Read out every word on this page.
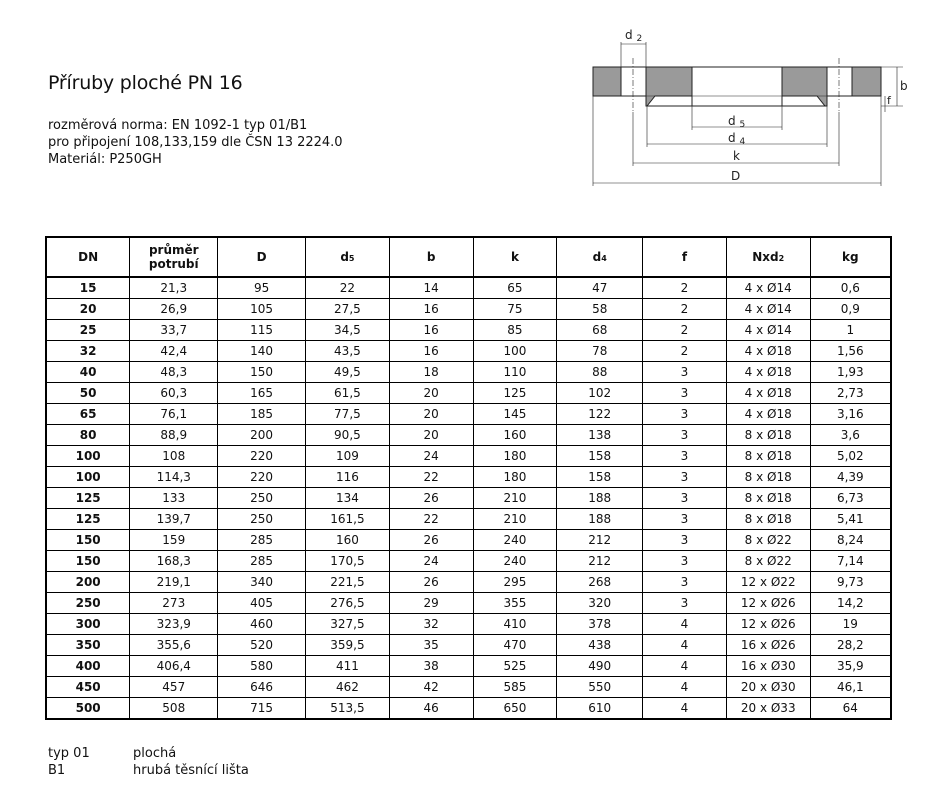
Příruby ploché PN 16
rozměrová norma: EN 1092-1 typ 01/B1
pro připojení 108,133,159 dle ČSN 13 2224.0
Materiál: P250GH
d 2
d 5
d 4
k
D
b
f
DN	průměr potrubí	D	d5	b	k	d4	f	Nxd2	kg
15	21,3	95	22	14	65	47	2	4 x Ø14	0,6
20	26,9	105	27,5	16	75	58	2	4 x Ø14	0,9
25	33,7	115	34,5	16	85	68	2	4 x Ø14	1
32	42,4	140	43,5	16	100	78	2	4 x Ø18	1,56
40	48,3	150	49,5	18	110	88	3	4 x Ø18	1,93
50	60,3	165	61,5	20	125	102	3	4 x Ø18	2,73
65	76,1	185	77,5	20	145	122	3	4 x Ø18	3,16
80	88,9	200	90,5	20	160	138	3	8 x Ø18	3,6
100	108	220	109	24	180	158	3	8 x Ø18	5,02
100	114,3	220	116	22	180	158	3	8 x Ø18	4,39
125	133	250	134	26	210	188	3	8 x Ø18	6,73
125	139,7	250	161,5	22	210	188	3	8 x Ø18	5,41
150	159	285	160	26	240	212	3	8 x Ø22	8,24
150	168,3	285	170,5	24	240	212	3	8 x Ø22	7,14
200	219,1	340	221,5	26	295	268	3	12 x Ø22	9,73
250	273	405	276,5	29	355	320	3	12 x Ø26	14,2
300	323,9	460	327,5	32	410	378	4	12 x Ø26	19
350	355,6	520	359,5	35	470	438	4	16 x Ø26	28,2
400	406,4	580	411	38	525	490	4	16 x Ø30	35,9
450	457	646	462	42	585	550	4	20 x Ø30	46,1
500	508	715	513,5	46	650	610	4	20 x Ø33	64
typ 01	plochá
B1	hrubá těsnící lišta
